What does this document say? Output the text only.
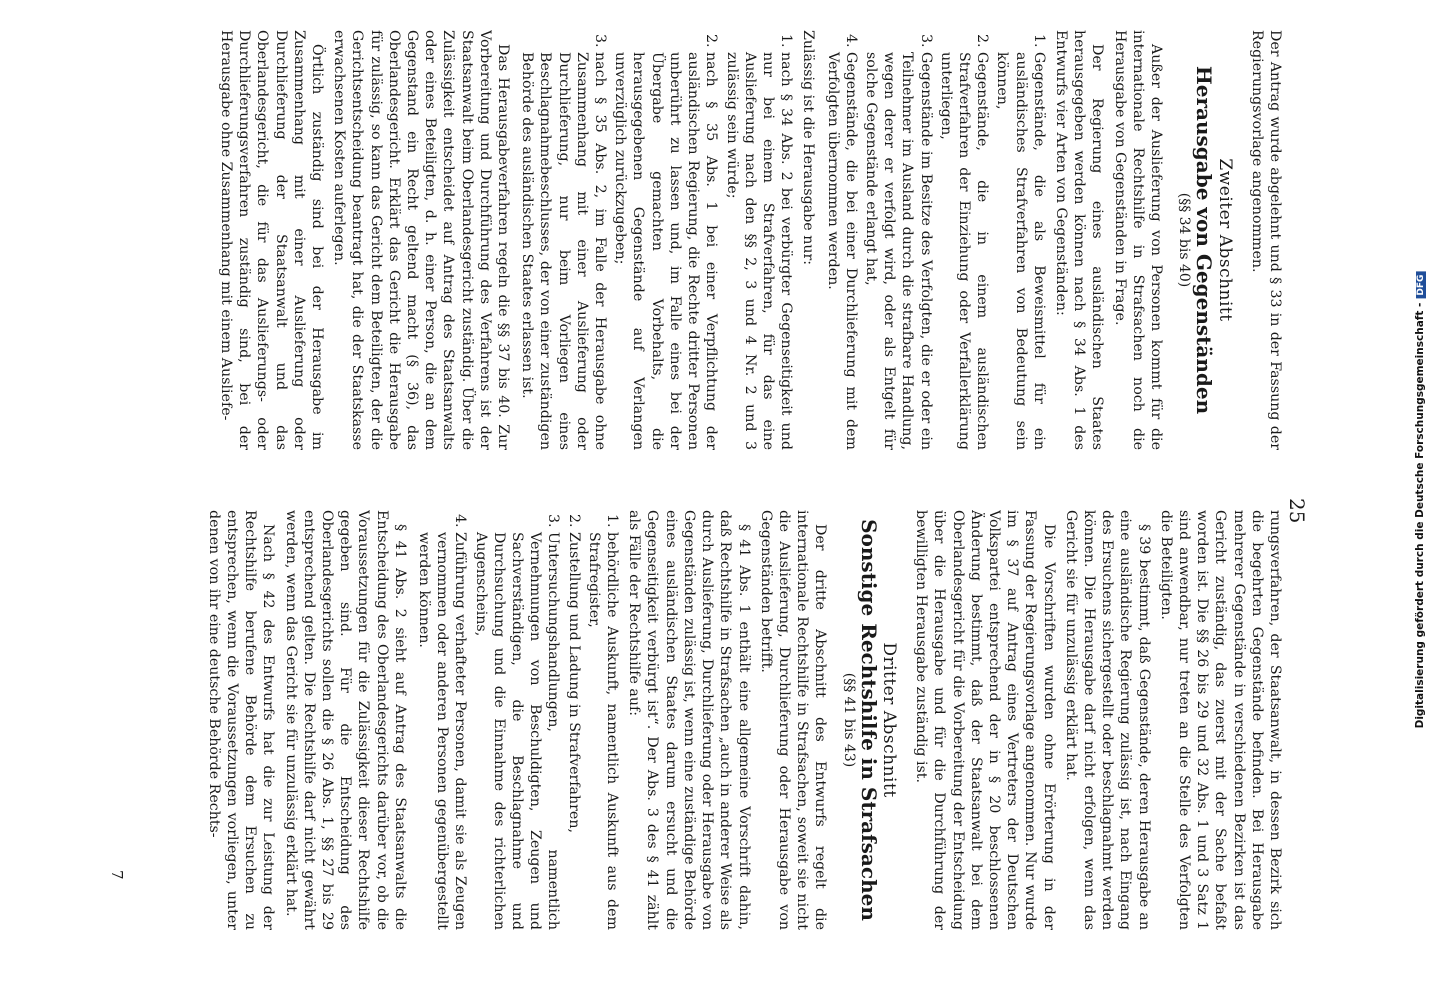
25

Der Antrag wurde abgelehnt und § 33 in der Fassung der Regierungsvorlage angenommen.

Zweiter Abschnitt
Herausgabe von Gegenständen
(§§ 34 bis 40)

Außer der Auslieferung von Personen kommt für die internationale Rechtshilfe in Strafsachen noch die Herausgabe von Gegenständen in Frage.

Der Regierung eines ausländischen Staates herausgegeben werden können nach § 34 Abs. 1 des Entwurfs vier Arten von Gegenständen:

1. Gegenstände, die als Beweismittel für ein ausländisches Strafverfahren von Bedeutung sein können,
2. Gegenstände, die in einem ausländischen Strafverfahren der Einziehung oder Verfallerklärung unterliegen,
3. Gegenstände im Besitze des Verfolgten, die er oder ein Teilnehmer im Ausland durch die strafbare Handlung, wegen derer er verfolgt wird, oder als Entgelt für solche Gegenstände erlangt hat,
4. Gegenstände, die bei einer Durchlieferung mit dem Verfolgten übernommen werden.

Zulässig ist die Herausgabe nur:

1. nach § 34 Abs. 2 bei verbürgter Gegenseitigkeit und nur bei einem Strafverfahren, für das eine Auslieferung nach den §§ 2, 3 und 4 Nr. 2 und 3 zulässig sein würde;
2. nach § 35 Abs. 1 bei einer Verpflichtung der ausländischen Regierung, die Rechte dritter Personen unberührt zu lassen und, im Falle eines bei der Übergabe gemachten Vorbehalts, die herausgegebenen Gegenstände auf Verlangen unverzüglich zurückzugeben;
3. nach § 35 Abs. 2, im Falle der Herausgabe ohne Zusammenhang mit einer Auslieferung oder Durchlieferung, nur beim Vorliegen eines Beschlagnahmebeschlusses, der von einer zuständigen Behörde des ausländischen Staates erlassen ist.

Das Herausgabeverfahren regeln die §§ 37 bis 40. Zur Vorbereitung und Durchführung des Verfahrens ist der Staatsanwalt beim Oberlandesgericht zuständig. Über die Zulässigkeit entscheidet auf Antrag des Staatsanwalts oder eines Beteiligten, d. h. einer Person, die an dem Gegenstand ein Recht geltend macht (§ 36), das Oberlandesgericht. Erklärt das Gericht die Herausgabe für zulässig, so kann das Gericht dem Beteiligten, der die Gerichtsentscheidung beantragt hat, die der Staatskasse erwachsenen Kosten auferlegen.

Örtlich zuständig sind bei der Herausgabe im Zusammenhang mit einer Auslieferung oder Durchlieferung der Staatsanwalt und das Oberlandesgericht, die für das Auslieferungs- oder Durchlieferungsverfahren zuständig sind, bei der Herausgabe ohne Zusammenhang mit einem Ausliefe-

rungsverfahren, der Staatsanwalt, in dessen Bezirk sich die begehrten Gegenstände befinden. Bei Herausgabe mehrerer Gegenstände in verschiedenen Bezirken ist das Gericht zuständig, das zuerst mit der Sache befaßt worden ist. Die §§ 26 bis 29 und 32 Abs. 1 und 3 Satz 1 sind anwendbar, nur treten an die Stelle des Verfolgten die Beteiligten.

§ 39 bestimmt, daß Gegenstände, deren Herausgabe an eine ausländische Regierung zulässig ist, nach Eingang des Ersuchens sichergestellt oder beschlagnahmt werden können. Die Herausgabe darf nicht erfolgen, wenn das Gericht sie für unzulässig erklärt hat.

Die Vorschriften wurden ohne Erörterung in der Fassung der Regierungsvorlage angenommen. Nur wurde im § 37 auf Antrag eines Vertreters der Deutschen Volkspartei entsprechend der in § 20 beschlossenen Änderung bestimmt, daß der Staatsanwalt bei dem Oberlandesgericht für die Vorbereitung der Entscheidung über die Herausgabe und für die Durchführung der bewilligten Herausgabe zuständig ist.

Dritter Abschnitt
Sonstige Rechtshilfe in Strafsachen
(§§ 41 bis 43)

Der dritte Abschnitt des Entwurfs regelt die internationale Rechtshilfe in Strafsachen, soweit sie nicht die Auslieferung, Durchlieferung oder Herausgabe von Gegenständen betrifft.

§ 41 Abs. 1 enthält eine allgemeine Vorschrift dahin, daß Rechtshilfe in Strafsachen „auch in anderer Weise als durch Auslieferung, Durchlieferung oder Herausgabe von Gegenständen zulässig ist, wenn eine zuständige Behörde eines ausländischen Staates darum ersucht und die Gegenseitigkeit verbürgt ist“. Der Abs. 3 des § 41 zählt als Fälle der Rechtshilfe auf:

1. behördliche Auskunft, namentlich Auskunft aus dem Strafregister,
2. Zustellung und Ladung in Strafverfahren,
3. Untersuchungshandlungen, namentlich Vernehmungen von Beschuldigten, Zeugen und Sachverständigen, die Beschlagnahme und Durchsuchung und die Einnahme des richterlichen Augenscheins,
4. Zuführung verhafteter Personen, damit sie als Zeugen vernommen oder anderen Personen gegenübergestellt werden können.

§ 41 Abs. 2 sieht auf Antrag des Staatsanwalts die Entscheidung des Oberlandesgerichts darüber vor, ob die Voraussetzungen für die Zulässigkeit dieser Rechtshilfe gegeben sind. Für die Entscheidung des Oberlandesgerichts sollen die § 26 Abs. 1, §§ 27 bis 29 entsprechend gelten. Die Rechtshilfe darf nicht gewährt werden, wenn das Gericht sie für unzulässig erklärt hat.

Nach § 42 des Entwurfs hat die zur Leistung der Rechtshilfe berufene Behörde dem Ersuchen zu entsprechen, wenn die Voraussetzungen vorliegen, unter denen von ihr eine deutsche Behörde Rechts-

7
Digitalisierung gefördert durch die Deutsche Forschungsgemeinschaft -DFG
